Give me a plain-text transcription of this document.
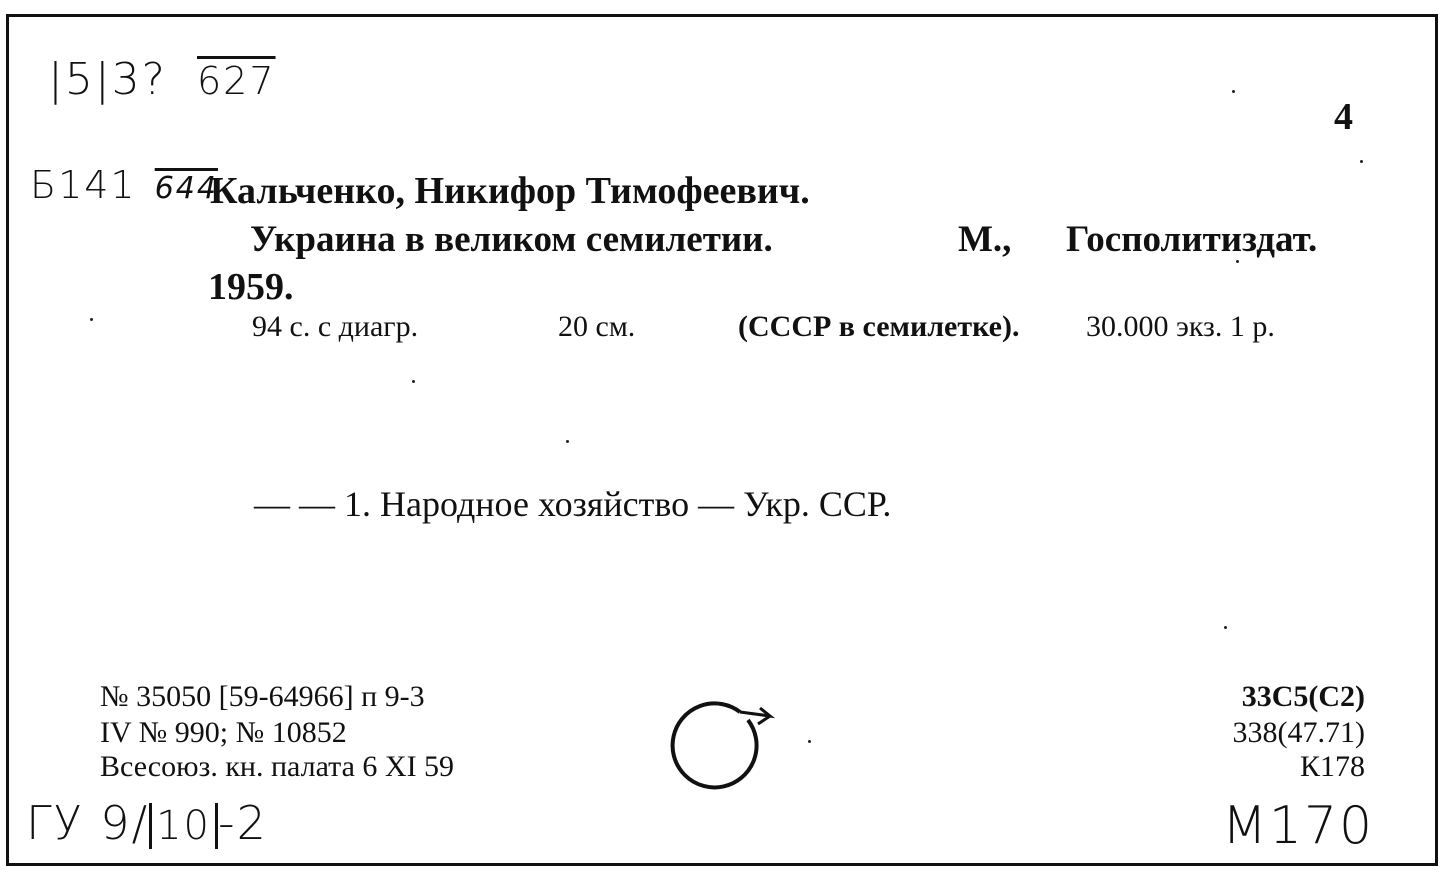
|5|3? 627
4
Б141 644
Кальченко, Никифор Тимофеевич.
Украина в великом семилетии.	М., Госполитиздат.
1959.
94 с. с диагр.	20 см.	(СССР в семилетке). 30.000 экз. 1 р.
— — 1. Народное хозяйство — Укр. ССР.
№ 35050 [59-64966] п 9-3
IV № 990; № 10852
Всесоюз. кн. палата 6 XI 59
33С5(С2)
338(47.71)
К178
ГУ 9/ 10 -2	М170
